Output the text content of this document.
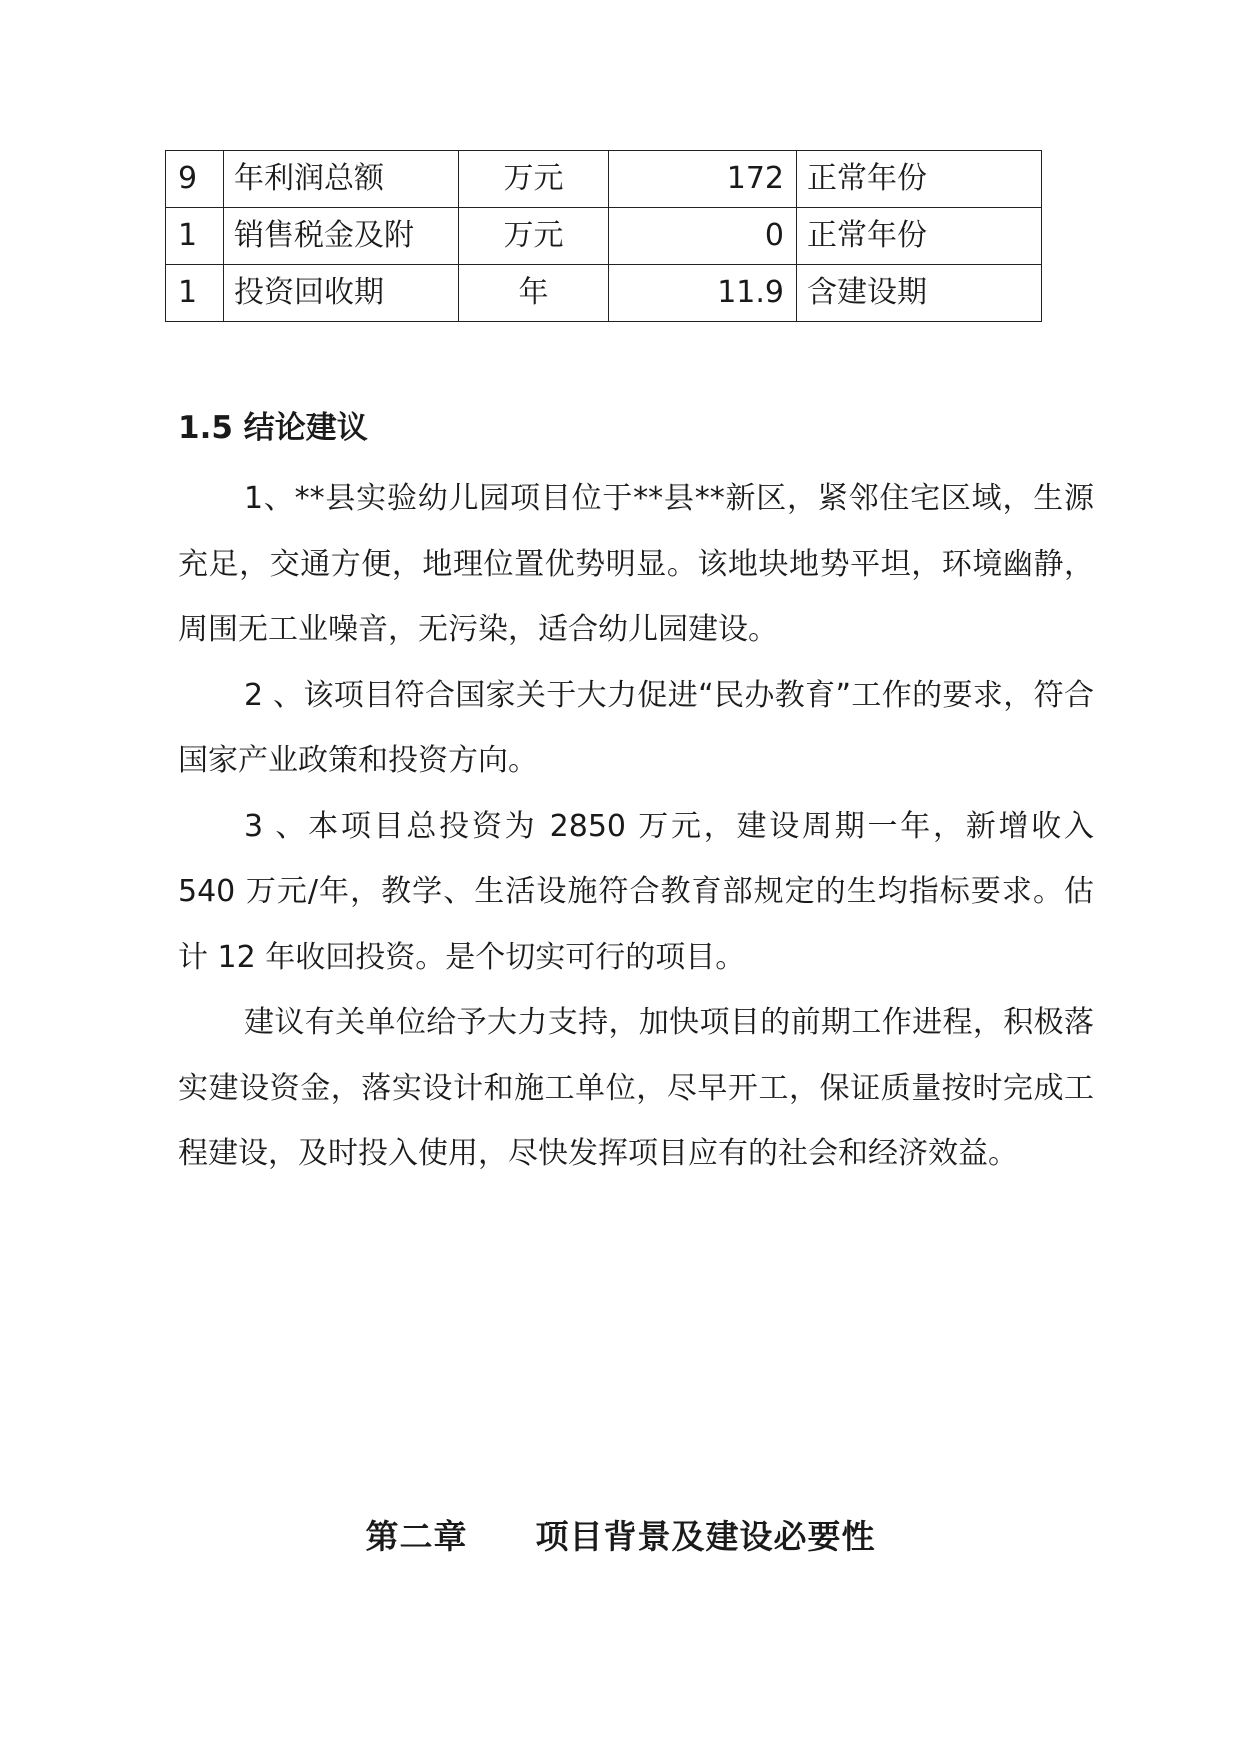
9	年利润总额	万元	172	正常年份
1	销售税金及附	万元	0	正常年份
1	投资回收期	年	11.9	含建设期
1.5 结论建议

1、**县实验幼儿园项目位于**县**新区，紧邻住宅区域，生源充足，交通方便，地理位置优势明显。该地块地势平坦，环境幽静，周围无工业噪音，无污染，适合幼儿园建设。

2 、该项目符合国家关于大力促进“民办教育”工作的要求，符合国家产业政策和投资方向。

3 、本项目总投资为 2850 万元，建设周期一年，新增收入 540 万元/年，教学、生活设施符合教育部规定的生均指标要求。估计 12 年收回投资。是个切实可行的项目。

建议有关单位给予大力支持，加快项目的前期工作进程，积极落实建设资金，落实设计和施工单位，尽早开工，保证质量按时完成工程建设，及时投入使用，尽快发挥项目应有的社会和经济效益。

第二章 项目背景及建设必要性
